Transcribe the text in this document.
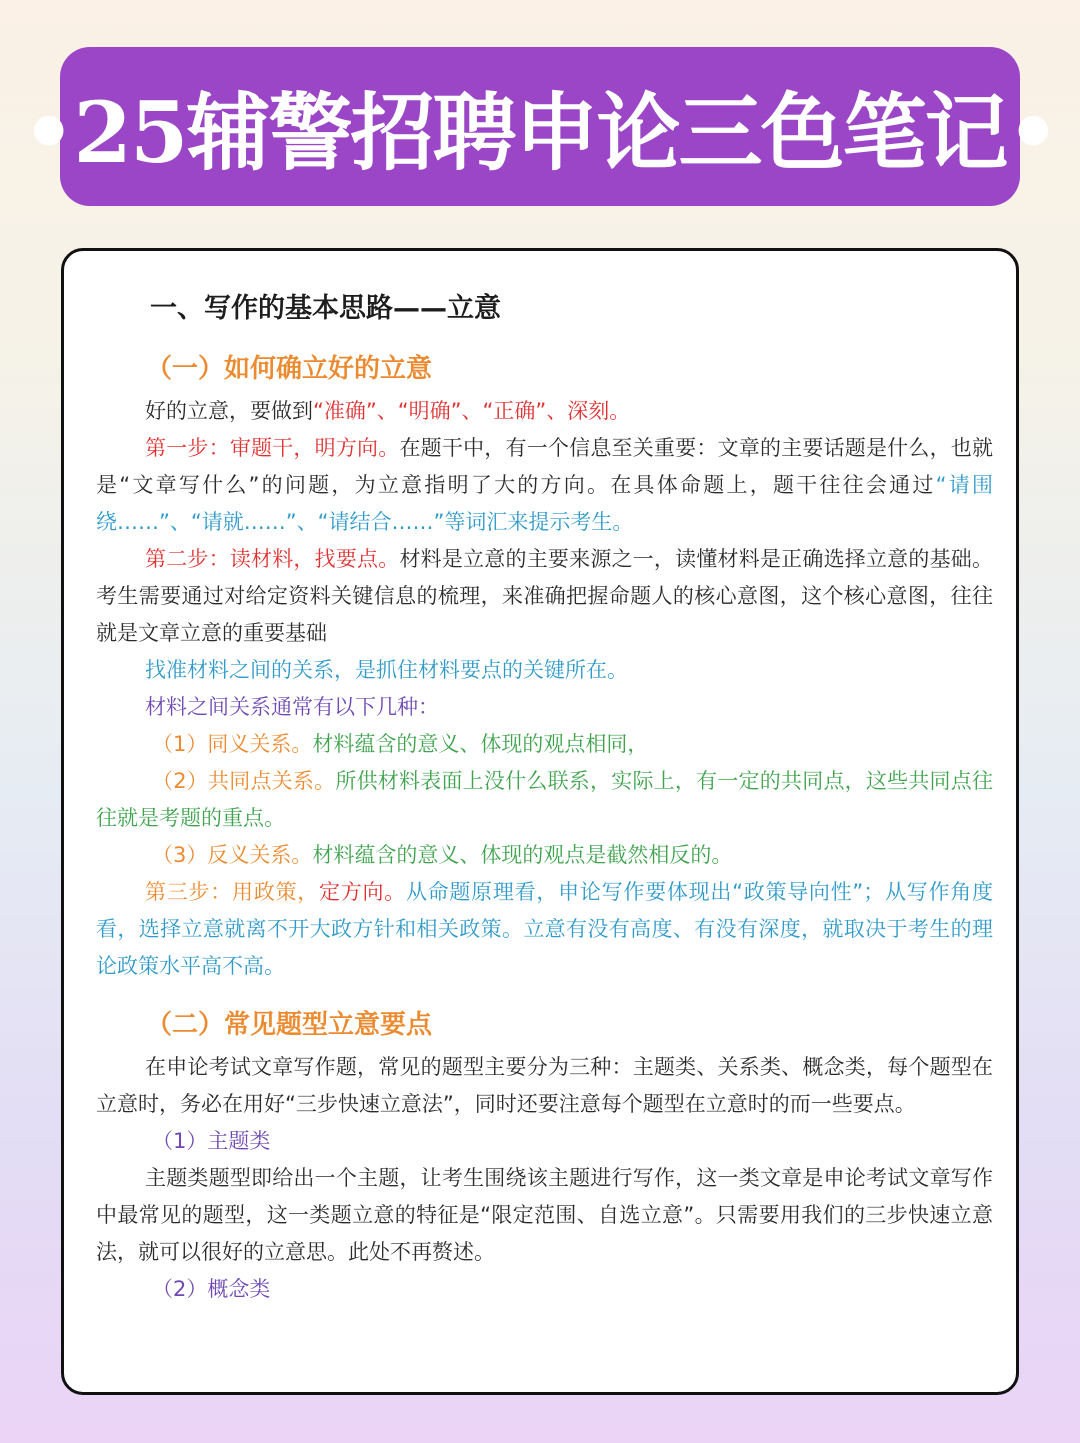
•25辅警招聘申论三色笔记•
一、写作的基本思路——立意
（一）如何确立好的立意

好的立意，要做到“准确”、“明确”、“正确”、深刻。

第一步：审题干，明方向。在题干中，有一个信息至关重要：文章的主要话题是什么，也就是“文章写什么”的问题，为立意指明了大的方向。在具体命题上，题干往往会通过“请围绕……”、“请就……”、“请结合……”等词汇来提示考生。

第二步：读材料，找要点。材料是立意的主要来源之一，读懂材料是正确选择立意的基础。考生需要通过对给定资料关键信息的梳理，来准确把握命题人的核心意图，这个核心意图，往往就是文章立意的重要基础

找准材料之间的关系，是抓住材料要点的关键所在。

材料之间关系通常有以下几种：

（1）同义关系。材料蕴含的意义、体现的观点相同，

（2）共同点关系。所供材料表面上没什么联系，实际上，有一定的共同点，这些共同点往往就是考题的重点。

（3）反义关系。材料蕴含的意义、体现的观点是截然相反的。

第三步：用政策，定方向。从命题原理看，申论写作要体现出“政策导向性”；从写作角度看，选择立意就离不开大政方针和相关政策。立意有没有高度、有没有深度，就取决于考生的理论政策水平高不高。

（二）常见题型立意要点

在申论考试文章写作题，常见的题型主要分为三种：主题类、关系类、概念类，每个题型在立意时，务必在用好“三步快速立意法”，同时还要注意每个题型在立意时的而一些要点。

（1）主题类

主题类题型即给出一个主题，让考生围绕该主题进行写作，这一类文章是申论考试文章写作中最常见的题型，这一类题立意的特征是“限定范围、自选立意”。只需要用我们的三步快速立意法，就可以很好的立意思。此处不再赘述。

（2）概念类
